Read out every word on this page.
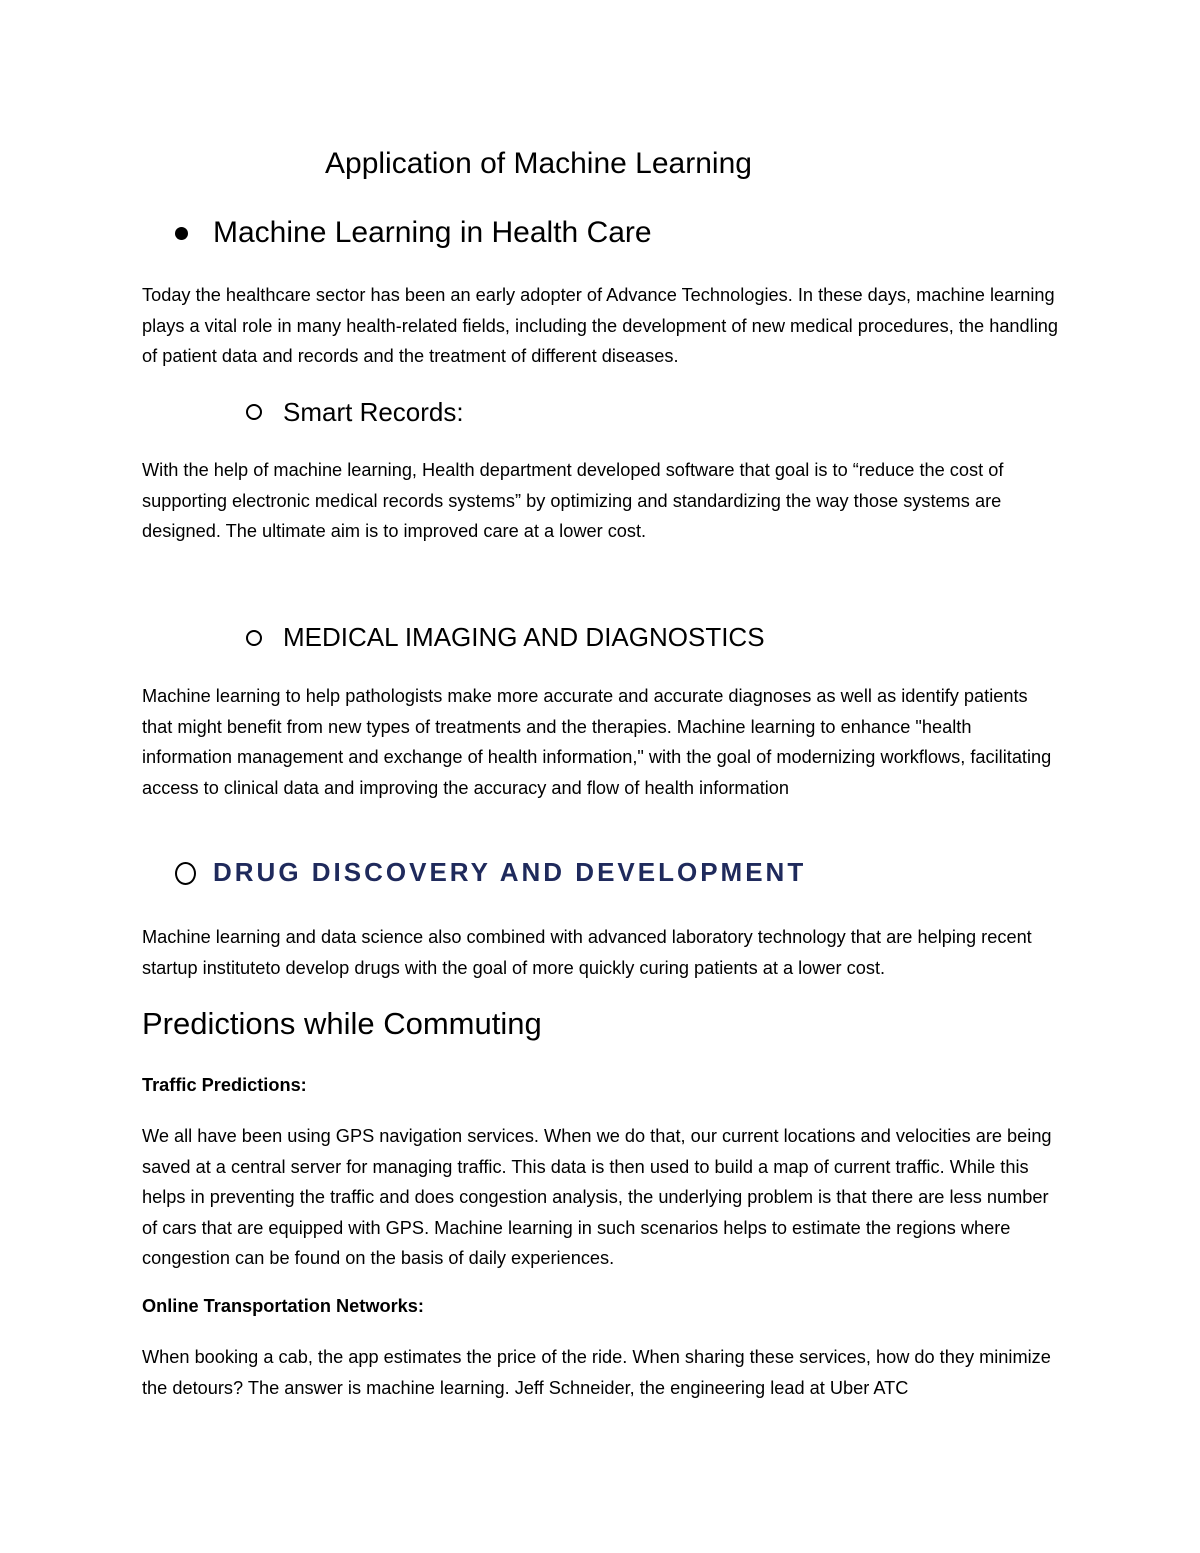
Application of Machine Learning
Machine Learning in Health Care

Today the healthcare sector has been an early adopter of Advance Technologies. In these days, machine learning plays a vital role in many health-related fields, including the development of new medical procedures, the handling of patient data and records and the treatment of different diseases.

Smart Records:

With the help of machine learning, Health department developed software that goal is to “reduce the cost of supporting electronic medical records systems” by optimizing and standardizing the way those systems are designed. The ultimate aim is to improved care at a lower cost.

MEDICAL IMAGING AND DIAGNOSTICS

Machine learning to help pathologists make more accurate and accurate diagnoses as well as identify patients that might benefit from new types of treatments and the therapies. Machine learning to enhance "health information management and exchange of health information," with the goal of modernizing workflows, facilitating access to clinical data and improving the accuracy and flow of health information

DRUG DISCOVERY AND DEVELOPMENT

Machine learning and data science also combined with advanced laboratory technology that are helping recent startup instituteto develop drugs with the goal of more quickly curing patients at a lower cost.

Predictions while Commuting
Traffic Predictions:

We all have been using GPS navigation services. When we do that, our current locations and velocities are being saved at a central server for managing traffic. This data is then used to build a map of current traffic. While this helps in preventing the traffic and does congestion analysis, the underlying problem is that there are less number of cars that are equipped with GPS. Machine learning in such scenarios helps to estimate the regions where congestion can be found on the basis of daily experiences.

Online Transportation Networks:

When booking a cab, the app estimates the price of the ride. When sharing these services, how do they minimize the detours? The answer is machine learning. Jeff Schneider, the engineering lead at Uber ATC
